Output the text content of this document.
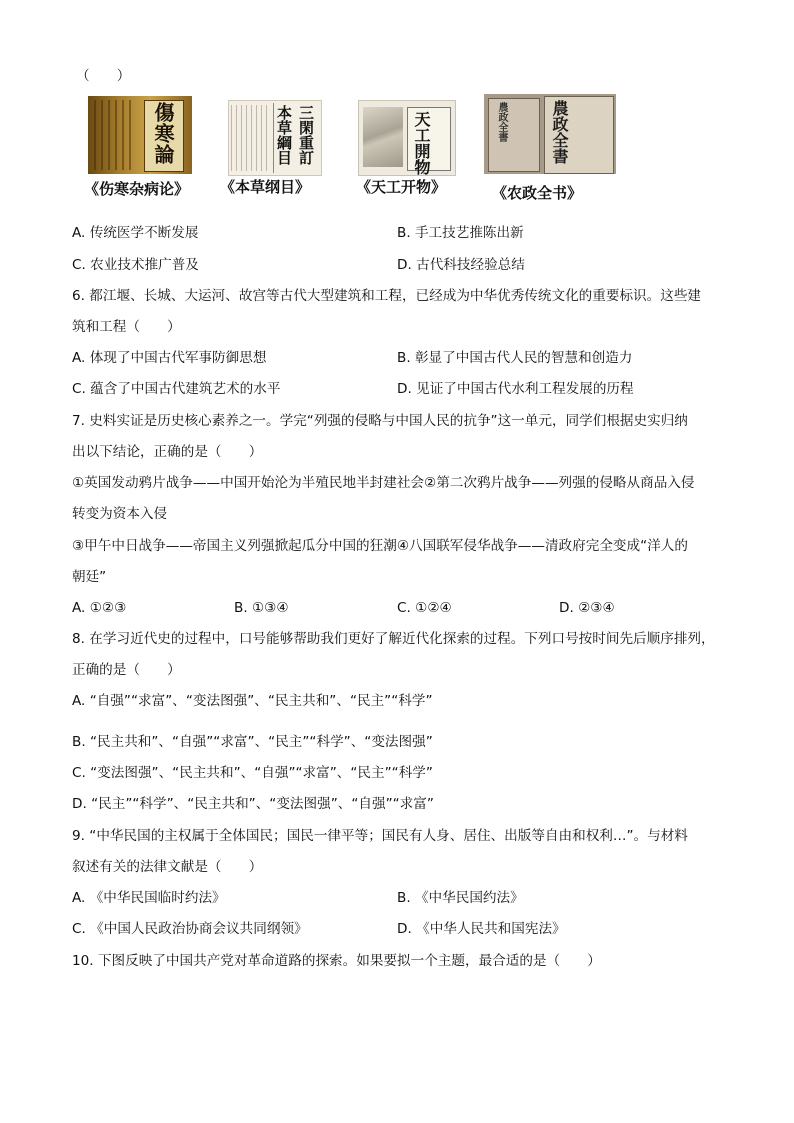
（　　）
傷寒論
《伤寒杂病论》
本草綱目 三閑重訂
《本草纲目》
天工開物
《天工开物》
農政全書	農政全書
《农政全书》
A. 传统医学不断发展	B. 手工技艺推陈出新
C. 农业技术推广普及	D. 古代科技经验总结
6. 都江堰、长城、大运河、故宫等古代大型建筑和工程，已经成为中华优秀传统文化的重要标识。这些建
筑和工程（　　）
A. 体现了中国古代军事防御思想	B. 彰显了中国古代人民的智慧和创造力
C. 蕴含了中国古代建筑艺术的水平	D. 见证了中国古代水利工程发展的历程
7. 史料实证是历史核心素养之一。学完“列强的侵略与中国人民的抗争”这一单元，同学们根据史实归纳
出以下结论，正确的是（　　）
①英国发动鸦片战争——中国开始沦为半殖民地半封建社会②第二次鸦片战争——列强的侵略从商品入侵
转变为资本入侵
③甲午中日战争——帝国主义列强掀起瓜分中国的狂潮④八国联军侵华战争——清政府完全变成“洋人的
朝廷”
A. ①②③	B. ①③④	C. ①②④	D. ②③④
8. 在学习近代史的过程中，口号能够帮助我们更好了解近代化探索的过程。下列口号按时间先后顺序排列，
正确的是（　　）
A. “自强”“求富”、“变法图强”、“民主共和”、“民主”“科学”
B. “民主共和”、“自强”“求富”、“民主”“科学”、“变法图强”
C. “变法图强”、“民主共和”、“自强”“求富”、“民主”“科学”
D. “民主”“科学”、“民主共和”、“变法图强”、“自强”“求富”
9. “中华民国的主权属于全体国民；国民一律平等；国民有人身、居住、出版等自由和权利…”。与材料
叙述有关的法律文献是（　　）
A. 《中华民国临时约法》	B. 《中华民国约法》
C. 《中国人民政治协商会议共同纲领》	D. 《中华人民共和国宪法》
10. 下图反映了中国共产党对革命道路的探索。如果要拟一个主题，最合适的是（　　）
